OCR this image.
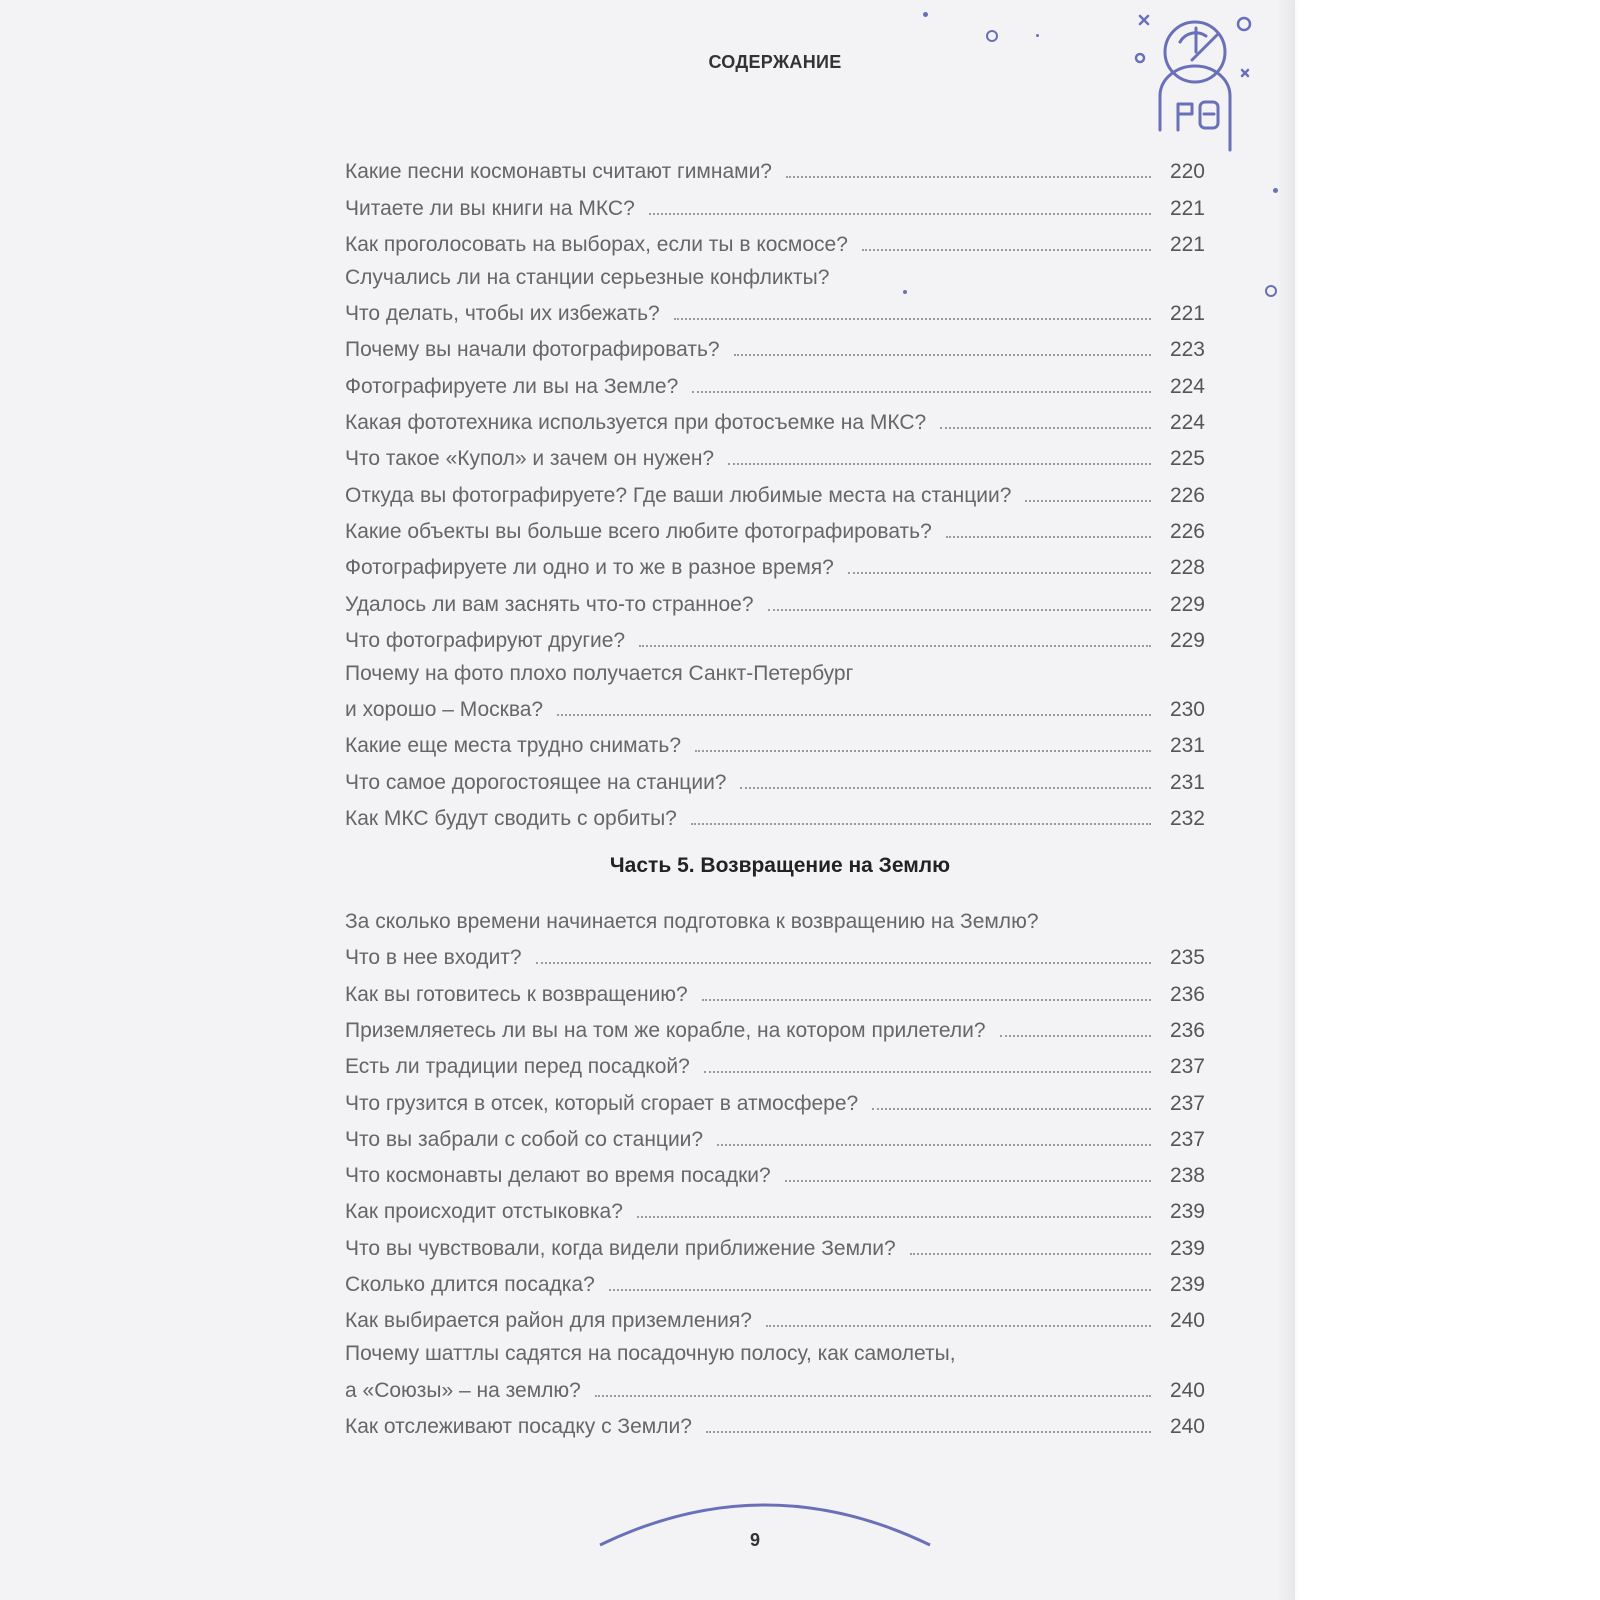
СОДЕРЖАНИЕ
Какие песни космонавты считают гимнами?	220
Читаете ли вы книги на МКС?	221
Как проголосовать на выборах, если ты в космосе?	221
Случались ли на станции серьезные конфликты?
Что делать, чтобы их избежать?	221
Почему вы начали фотографировать?	223
Фотографируете ли вы на Земле?	224
Какая фототехника используется при фотосъемке на МКС?	224
Что такое «Купол» и зачем он нужен?	225
Откуда вы фотографируете? Где ваши любимые места на станции?	226
Какие объекты вы больше всего любите фотографировать?	226
Фотографируете ли одно и то же в разное время?	228
Удалось ли вам заснять что-то странное?	229
Что фотографируют другие?	229
Почему на фото плохо получается Санкт-Петербург
и хорошо – Москва?	230
Какие еще места трудно снимать?	231
Что самое дорогостоящее на станции?	231
Как МКС будут сводить с орбиты?	232
Часть 5. Возвращение на Землю
За сколько времени начинается подготовка к возвращению на Землю?
Что в нее входит?	235
Как вы готовитесь к возвращению?	236
Приземляетесь ли вы на том же корабле, на котором прилетели?	236
Есть ли традиции перед посадкой?	237
Что грузится в отсек, который сгорает в атмосфере?	237
Что вы забрали с собой со станции?	237
Что космонавты делают во время посадки?	238
Как происходит отстыковка?	239
Что вы чувствовали, когда видели приближение Земли?	239
Сколько длится посадка?	239
Как выбирается район для приземления?	240
Почему шаттлы садятся на посадочную полосу, как самолеты,
а «Союзы» – на землю?	240
Как отслеживают посадку с Земли?	240
9
